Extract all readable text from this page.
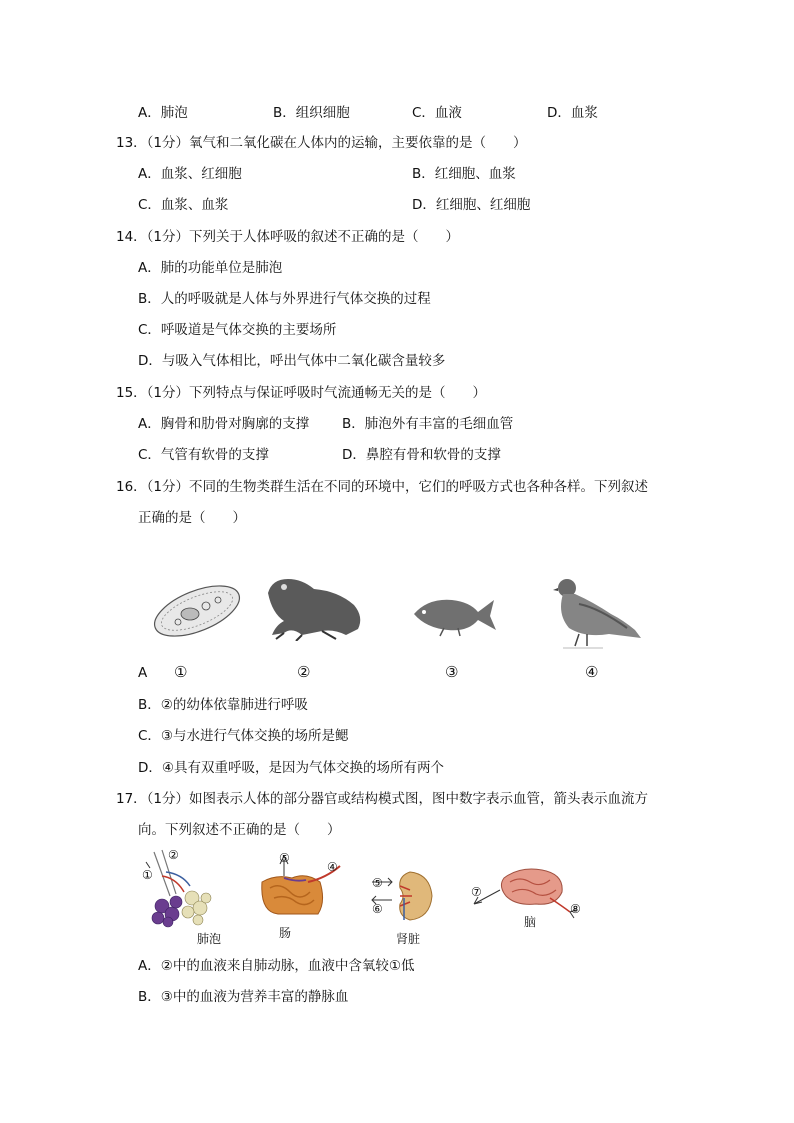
A．肺泡	B．组织细胞	C．血液	D．血浆
13．（1分）氧气和二氧化碳在人体内的运输，主要依靠的是（　　）
A．血浆、红细胞	B．红细胞、血浆
C．血浆、血浆	D．红细胞、红细胞
14．（1分）下列关于人体呼吸的叙述不正确的是（　　）
A．肺的功能单位是肺泡
B．人的呼吸就是人体与外界进行气体交换的过程
C．呼吸道是气体交换的主要场所
D．与吸入气体相比，呼出气体中二氧化碳含量较多
15．（1分）下列特点与保证呼吸时气流通畅无关的是（　　）
A．胸骨和肋骨对胸廓的支撑 B．肺泡外有丰富的毛细血管
C．气管有软骨的支撑	D．鼻腔有骨和软骨的支撑
16．（1分）不同的生物类群生活在不同的环境中，它们的呼吸方式也各种各样。下列叙述
正确的是（　　）
A ①	②	③	④
B．②的幼体依靠肺进行呼吸
C．③与水进行气体交换的场所是鳃
D．④具有双重呼吸，是因为气体交换的场所有两个
17．（1分）如图表示人体的部分器官或结构模式图，图中数字表示血管，箭头表示血流方
向。下列叙述不正确的是（　　）
①
②
肺泡
⑤
④
肠
⑤
⑥
肾脏
⑦
⑧
脑
A．②中的血液来自肺动脉，血液中含氧较①低
B．③中的血液为营养丰富的静脉血
